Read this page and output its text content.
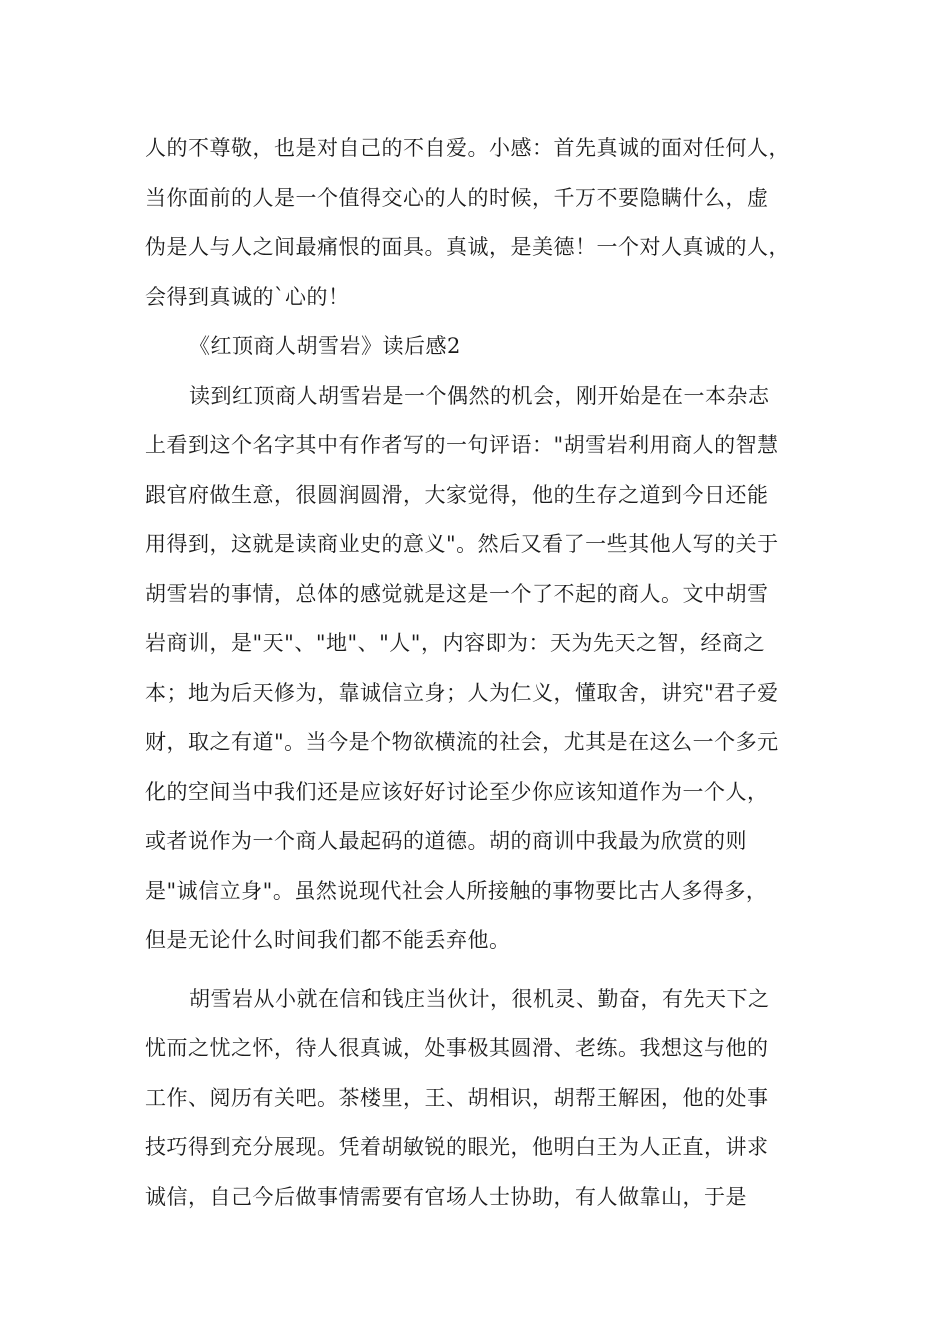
人的不尊敬，也是对自己的不自爱。小感：首先真诚的面对任何人，
当你面前的人是一个值得交心的人的时候，千万不要隐瞒什么，虚
伪是人与人之间最痛恨的面具。真诚，是美德！一个对人真诚的人，
会得到真诚的`心的！
《红顶商人胡雪岩》读后感2
读到红顶商人胡雪岩是一个偶然的机会，刚开始是在一本杂志
上看到这个名字其中有作者写的一句评语："胡雪岩利用商人的智慧
跟官府做生意，很圆润圆滑，大家觉得，他的生存之道到今日还能
用得到，这就是读商业史的意义"。然后又看了一些其他人写的关于
胡雪岩的事情，总体的感觉就是这是一个了不起的商人。文中胡雪
岩商训，是"天"、"地"、"人"，内容即为：天为先天之智，经商之
本；地为后天修为，靠诚信立身；人为仁义，懂取舍，讲究"君子爱
财，取之有道"。当今是个物欲横流的社会，尤其是在这么一个多元
化的空间当中我们还是应该好好讨论至少你应该知道作为一个人，
或者说作为一个商人最起码的道德。胡的商训中我最为欣赏的则
是"诚信立身"。虽然说现代社会人所接触的事物要比古人多得多，
但是无论什么时间我们都不能丢弃他。
胡雪岩从小就在信和钱庄当伙计，很机灵、勤奋，有先天下之
忧而之忧之怀，待人很真诚，处事极其圆滑、老练。我想这与他的
工作、阅历有关吧。茶楼里，王、胡相识，胡帮王解困，他的处事
技巧得到充分展现。凭着胡敏锐的眼光，他明白王为人正直，讲求
诚信，自己今后做事情需要有官场人士协助，有人做靠山，于是
